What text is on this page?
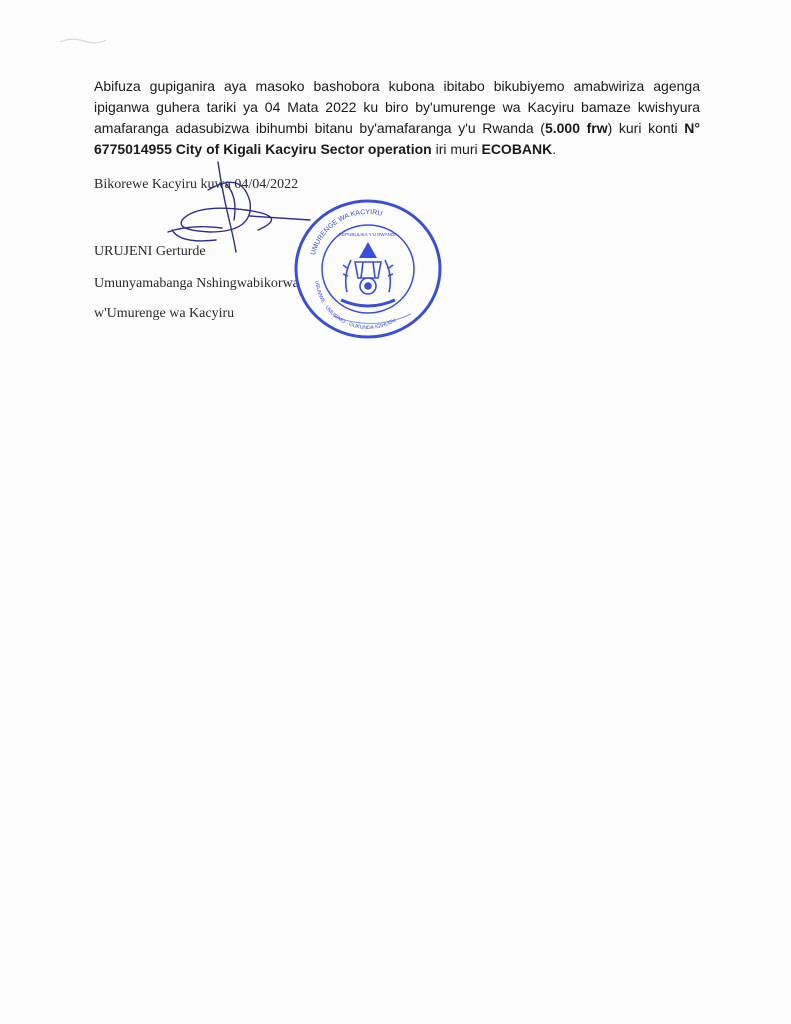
Abifuza gupiganira aya masoko bashobora kubona ibitabo bikubiyemo amabwiriza agenga ipiganwa guhera tariki ya 04 Mata 2022 ku biro by'umurenge wa Kacyiru bamaze kwishyura amafaranga adasubizwa ibihumbi bitanu by'amafaranga y'u Rwanda (5.000 frw) kuri konti N° 6775014955 City of Kigali Kacyiru Sector operation iri muri ECOBANK.

Bikorewe Kacyiru kuwa 04/04/2022
URUJENI Gerturde
Umunyamabanga Nshingwabikorwa
w'Umurenge wa Kacyiru
UMURENGE WA KACYIRU
UBUMWE · UMURIMO · GUKUNDA IGIHUGU
REPUBULIKA Y'U RWANDA
